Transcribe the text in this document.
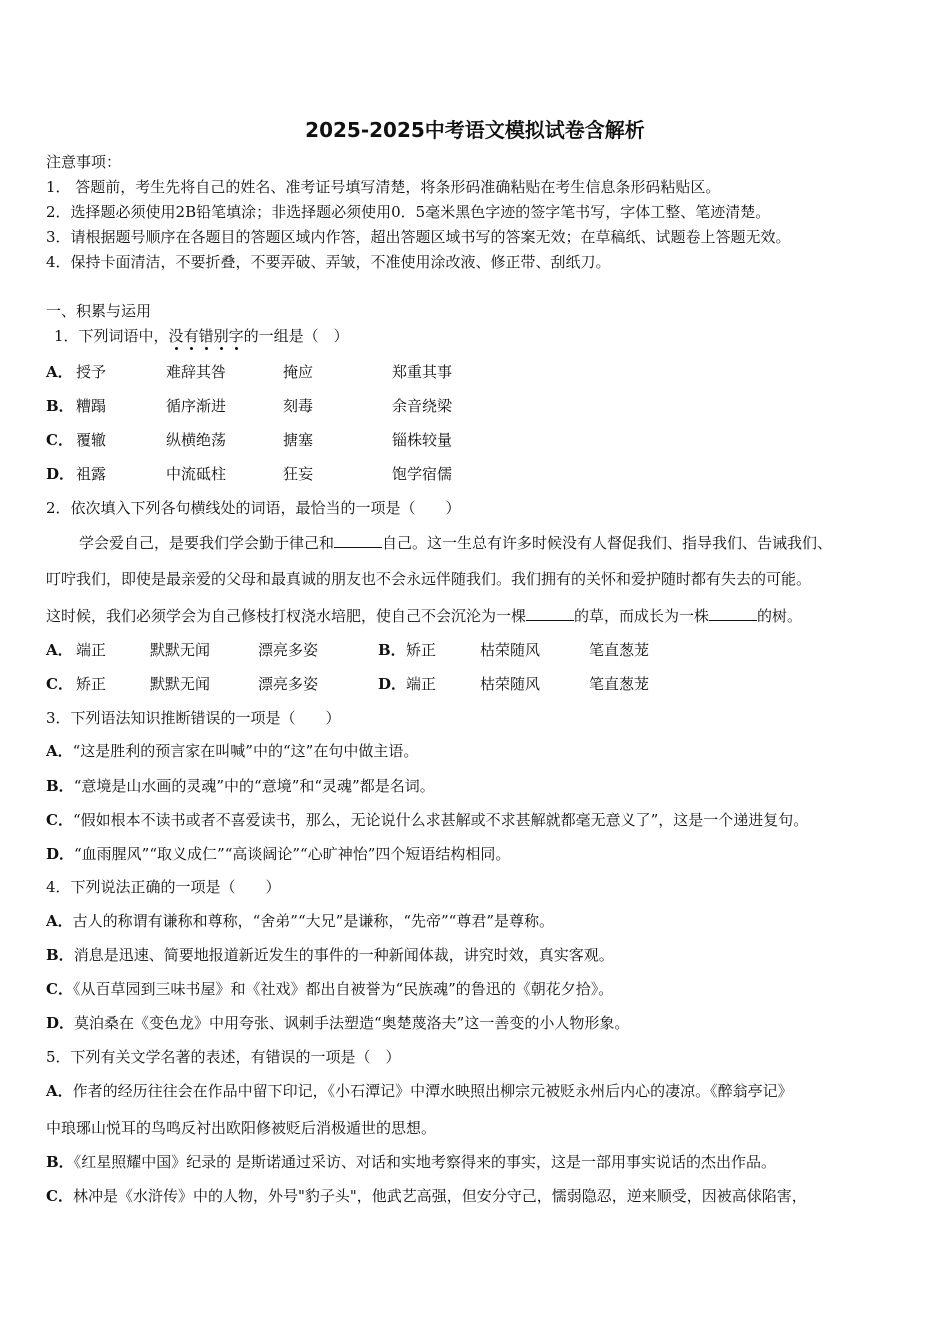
2025-2025中考语文模拟试卷含解析
注意事项：
1． 答题前，考生先将自己的姓名、准考证号填写清楚，将条形码准确粘贴在考生信息条形码粘贴区。
2．选择题必须使用2B铅笔填涂；非选择题必须使用0．5毫米黑色字迹的签字笔书写，字体工整、笔迹清楚。
3．请根据题号顺序在各题目的答题区域内作答，超出答题区域书写的答案无效；在草稿纸、试题卷上答题无效。
4．保持卡面清洁，不要折叠，不要弄破、弄皱，不准使用涂改液、修正带、刮纸刀。
一、积累与运用
1．下列词语中，没有错别字的一组是（　）
A． 授予	难辞其咎	掩应	郑重其事
B． 糟蹋	循序渐进	刻毒	余音绕梁
C． 覆辙	纵横绝荡	搪塞	锱株较量
D． 祖露	中流砥柱	狂妄	饱学宿儒
2．依次填入下列各句横线处的词语，最恰当的一项是（　　）
学会爱自己，是要我们学会勤于律己和	自己。这一生总有许多时候没有人督促我们、指导我们、告诫我们、
叮咛我们，即使是最亲爱的父母和最真诚的朋友也不会永远伴随我们。我们拥有的关怀和爱护随时都有失去的可能。
这时候，我们必须学会为自己修枝打杈浇水培肥，使自己不会沉沦为一棵	的草，而成长为一株	的树。
A． 端正	默默无闻	漂亮多姿	B． 矫正	枯荣随风	笔直葱茏
C． 矫正	默默无闻	漂亮多姿	D． 端正	枯荣随风	笔直葱茏
3．下列语法知识推断错误的一项是（　　）
A．“这是胜利的预言家在叫喊”中的“这”在句中做主语。
B．“意境是山水画的灵魂”中的“意境”和“灵魂”都是名词。
C．“假如根本不读书或者不喜爱读书，那么，无论说什么求甚解或不求甚解就都毫无意义了”，这是一个递进复句。
D．“血雨腥风”“取义成仁”“高谈阔论”“心旷神怡”四个短语结构相同。
4．下列说法正确的一项是（　　）
A．古人的称谓有谦称和尊称，“舍弟”“大兄”是谦称，“先帝”“尊君”是尊称。
B．消息是迅速、简要地报道新近发生的事件的一种新闻体裁，讲究时效，真实客观。
C．《从百草园到三味书屋》和《社戏》都出自被誉为“民族魂”的鲁迅的《朝花夕拾》。
D．莫泊桑在《变色龙》中用夸张、讽刺手法塑造“奥楚蔑洛夫”这一善变的小人物形象。
5．下列有关文学名著的表述，有错误的一项是（　）
A．作者的经历往往会在作品中留下印记，《小石潭记》中潭水映照出柳宗元被贬永州后内心的凄凉。《醉翁亭记》
中琅琊山悦耳的鸟鸣反衬出欧阳修被贬后消极遁世的思想。
B．《红星照耀中国》纪录的 是斯诺通过采访、对话和实地考察得来的事实，这是一部用事实说话的杰出作品。
C．林冲是《水浒传》中的人物，外号"豹子头"，他武艺高强，但安分守己，懦弱隐忍，逆来顺受，因被高俅陷害，
